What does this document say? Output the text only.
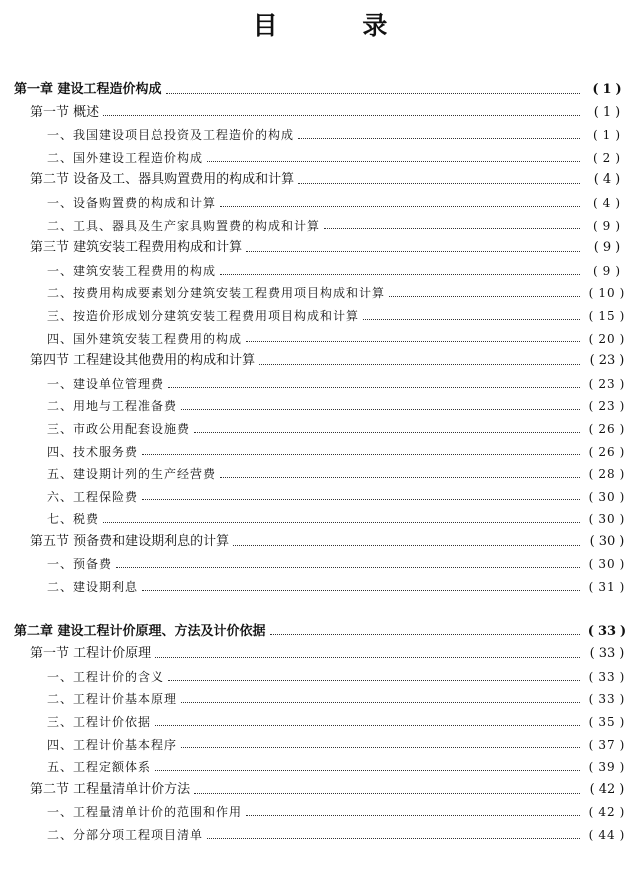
目 录
第一章 建设工程造价构成	( 1 )
第一节 概述	( 1 )
一、我国建设项目总投资及工程造价的构成	( 1 )
二、国外建设工程造价构成	( 2 )
第二节 设备及工、器具购置费用的构成和计算	( 4 )
一、设备购置费的构成和计算	( 4 )
二、工具、器具及生产家具购置费的构成和计算	( 9 )
第三节 建筑安装工程费用构成和计算	( 9 )
一、建筑安装工程费用的构成	( 9 )
二、按费用构成要素划分建筑安装工程费用项目构成和计算	( 10 )
三、按造价形成划分建筑安装工程费用项目构成和计算	( 15 )
四、国外建筑安装工程费用的构成	( 20 )
第四节 工程建设其他费用的构成和计算	( 23 )
一、建设单位管理费	( 23 )
二、用地与工程准备费	( 23 )
三、市政公用配套设施费	( 26 )
四、技术服务费	( 26 )
五、建设期计列的生产经营费	( 28 )
六、工程保险费	( 30 )
七、税费	( 30 )
第五节 预备费和建设期利息的计算	( 30 )
一、预备费	( 30 )
二、建设期利息	( 31 )
第二章 建设工程计价原理、方法及计价依据	( 33 )
第一节 工程计价原理	( 33 )
一、工程计价的含义	( 33 )
二、工程计价基本原理	( 33 )
三、工程计价依据	( 35 )
四、工程计价基本程序	( 37 )
五、工程定额体系	( 39 )
第二节 工程量清单计价方法	( 42 )
一、工程量清单计价的范围和作用	( 42 )
二、分部分项工程项目清单	( 44 )
